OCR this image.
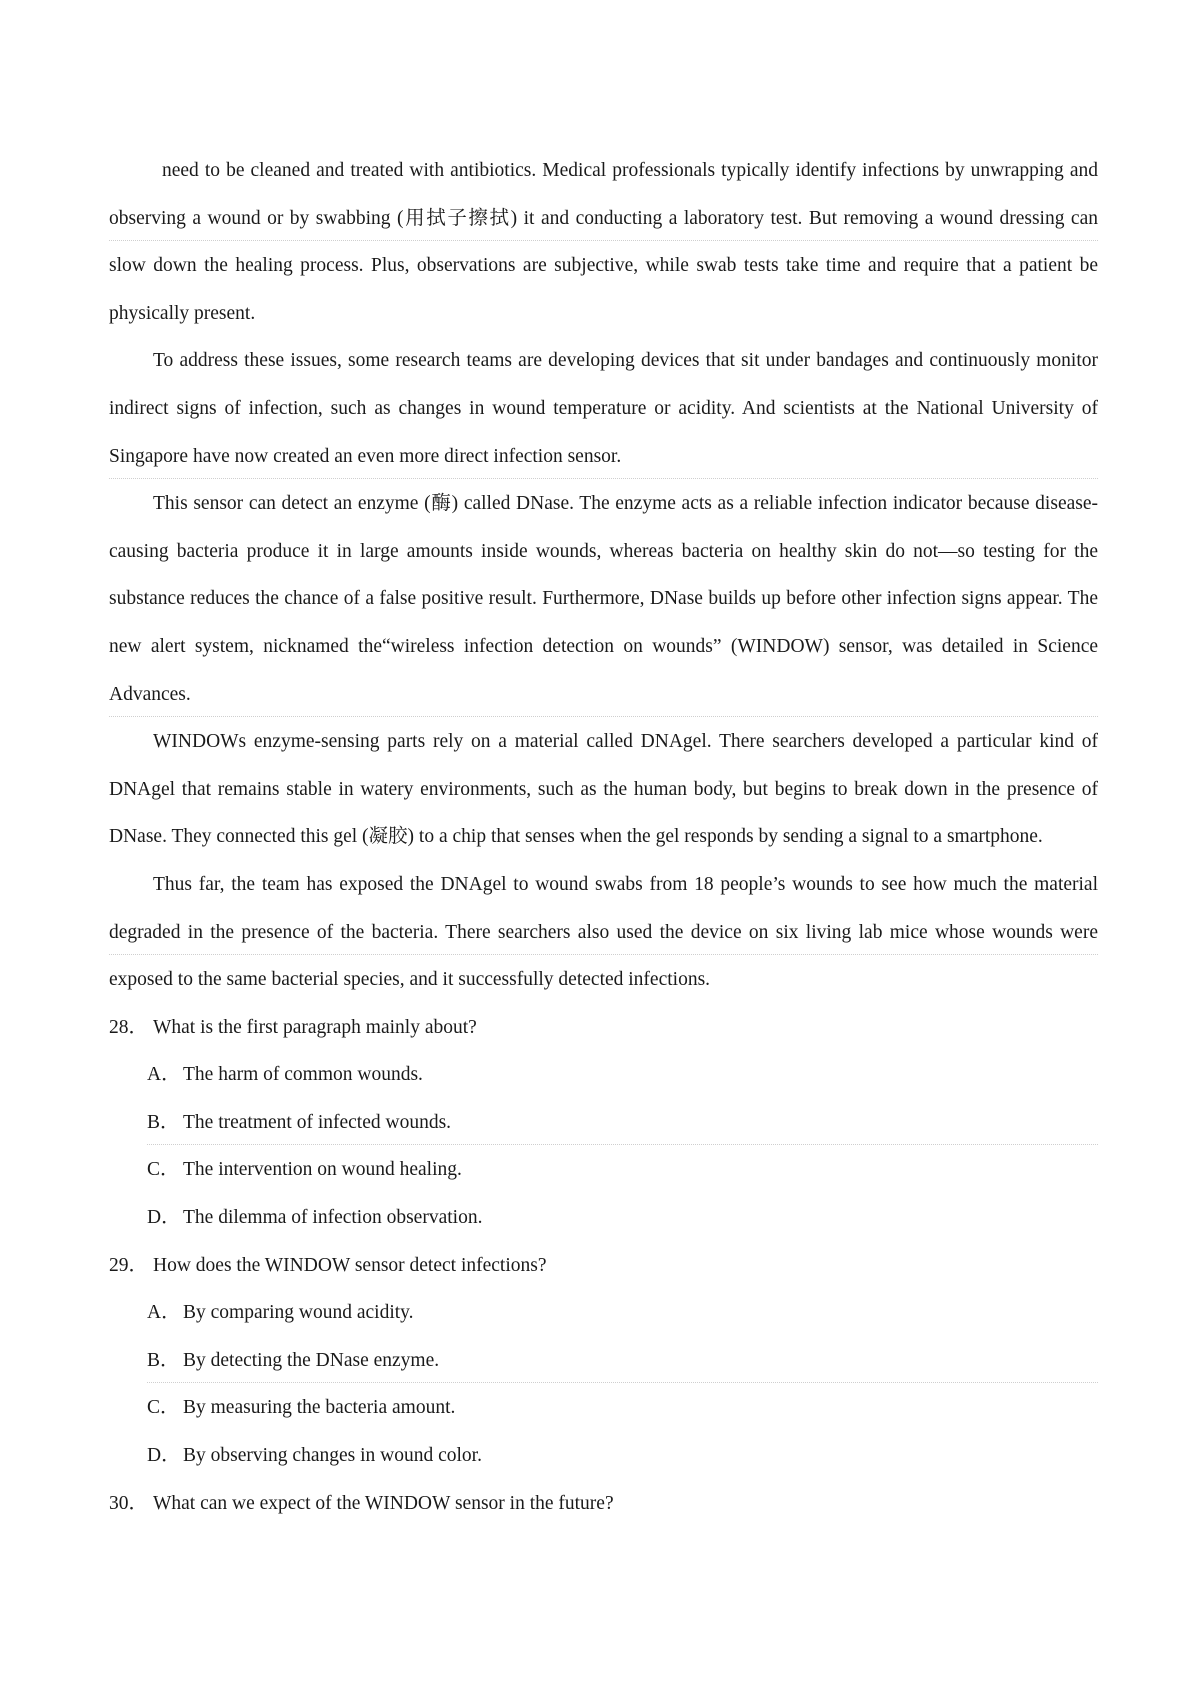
need to be cleaned and treated with antibiotics. Medical professionals typically identify infections by unwrapping and observing a wound or by swabbing (用拭子擦拭) it and conducting a laboratory test. But removing a wound dressing can slow down the healing process. Plus, observations are subjective, while swab tests take time and require that a patient be physically present.

To address these issues, some research teams are developing devices that sit under bandages and continuously monitor indirect signs of infection, such as changes in wound temperature or acidity. And scientists at the National University of Singapore have now created an even more direct infection sensor.

This sensor can detect an enzyme (酶) called DNase. The enzyme acts as a reliable infection indicator because disease-causing bacteria produce it in large amounts inside wounds, whereas bacteria on healthy skin do not—so testing for the substance reduces the chance of a false positive result. Furthermore, DNase builds up before other infection signs appear. The new alert system, nicknamed the“wireless infection detection on wounds” (WINDOW) sensor, was detailed in Science Advances.

WINDOWs enzyme-sensing parts rely on a material called DNAgel. There searchers developed a particular kind of DNAgel that remains stable in watery environments, such as the human body, but begins to break down in the presence of DNase. They connected this gel (凝胶) to a chip that senses when the gel responds by sending a signal to a smartphone.

Thus far, the team has exposed the DNAgel to wound swabs from 18 people’s wounds to see how much the material degraded in the presence of the bacteria. There searchers also used the device on six living lab mice whose wounds were exposed to the same bacterial species, and it successfully detected infections.

28． What is the first paragraph mainly about?

A． The harm of common wounds.

B． The treatment of infected wounds.

C． The intervention on wound healing.

D． The dilemma of infection observation.

29． How does the WINDOW sensor detect infections?

A． By comparing wound acidity.

B． By detecting the DNase enzyme.

C． By measuring the bacteria amount.

D． By observing changes in wound color.

30． What can we expect of the WINDOW sensor in the future?
